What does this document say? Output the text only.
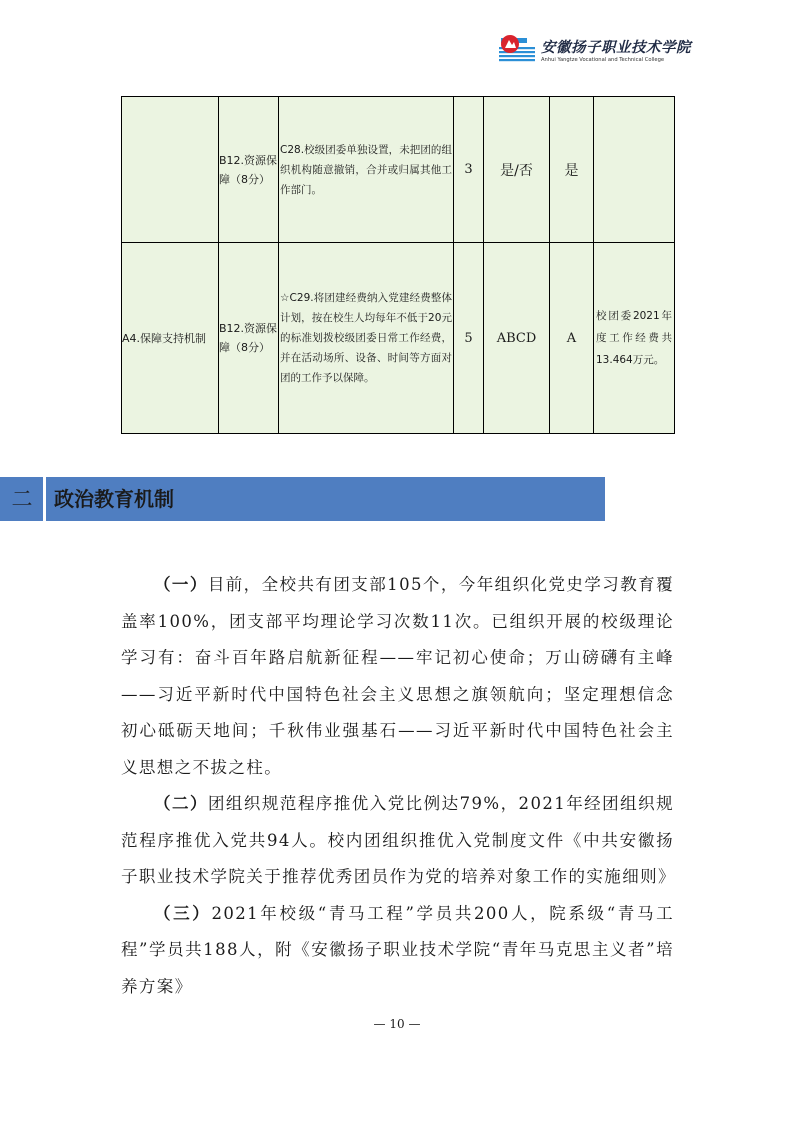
安徽扬子职业技术学院
Anhui Yangtze Vocational and Technical College
	B12.资源保障（8分）	C28.校级团委单独设置，未把团的组织机构随意撤销，合并或归属其他工作部门。	3	是/否	是	
A4.保障支持机制	B12.资源保障（8分）	☆C29.将团建经费纳入党建经费整体计划，按在校生人均每年不低于20元的标准划拨校级团委日常工作经费，并在活动场所、设备、时间等方面对团的工作予以保障。	5	ABCD	A	校团委2021年度工作经费共13.464万元。
二	政治教育机制

（一）目前，全校共有团支部105个，今年组织化党史学习教育覆盖率100%，团支部平均理论学习次数11次。已组织开展的校级理论学习有：奋斗百年路启航新征程——牢记初心使命；万山磅礴有主峰——习近平新时代中国特色社会主义思想之旗领航向；坚定理想信念 初心砥砺天地间；千秋伟业强基石——习近平新时代中国特色社会主义思想之不拔之柱。

（二）团组织规范程序推优入党比例达79%，2021年经团组织规范程序推优入党共94人。校内团组织推优入党制度文件《中共安徽扬子职业技术学院关于推荐优秀团员作为党的培养对象工作的实施细则》

（三）2021年校级“青马工程”学员共200人，院系级“青马工程”学员共188人，附《安徽扬子职业技术学院“青年马克思主义者”培养方案》

— 10 —
